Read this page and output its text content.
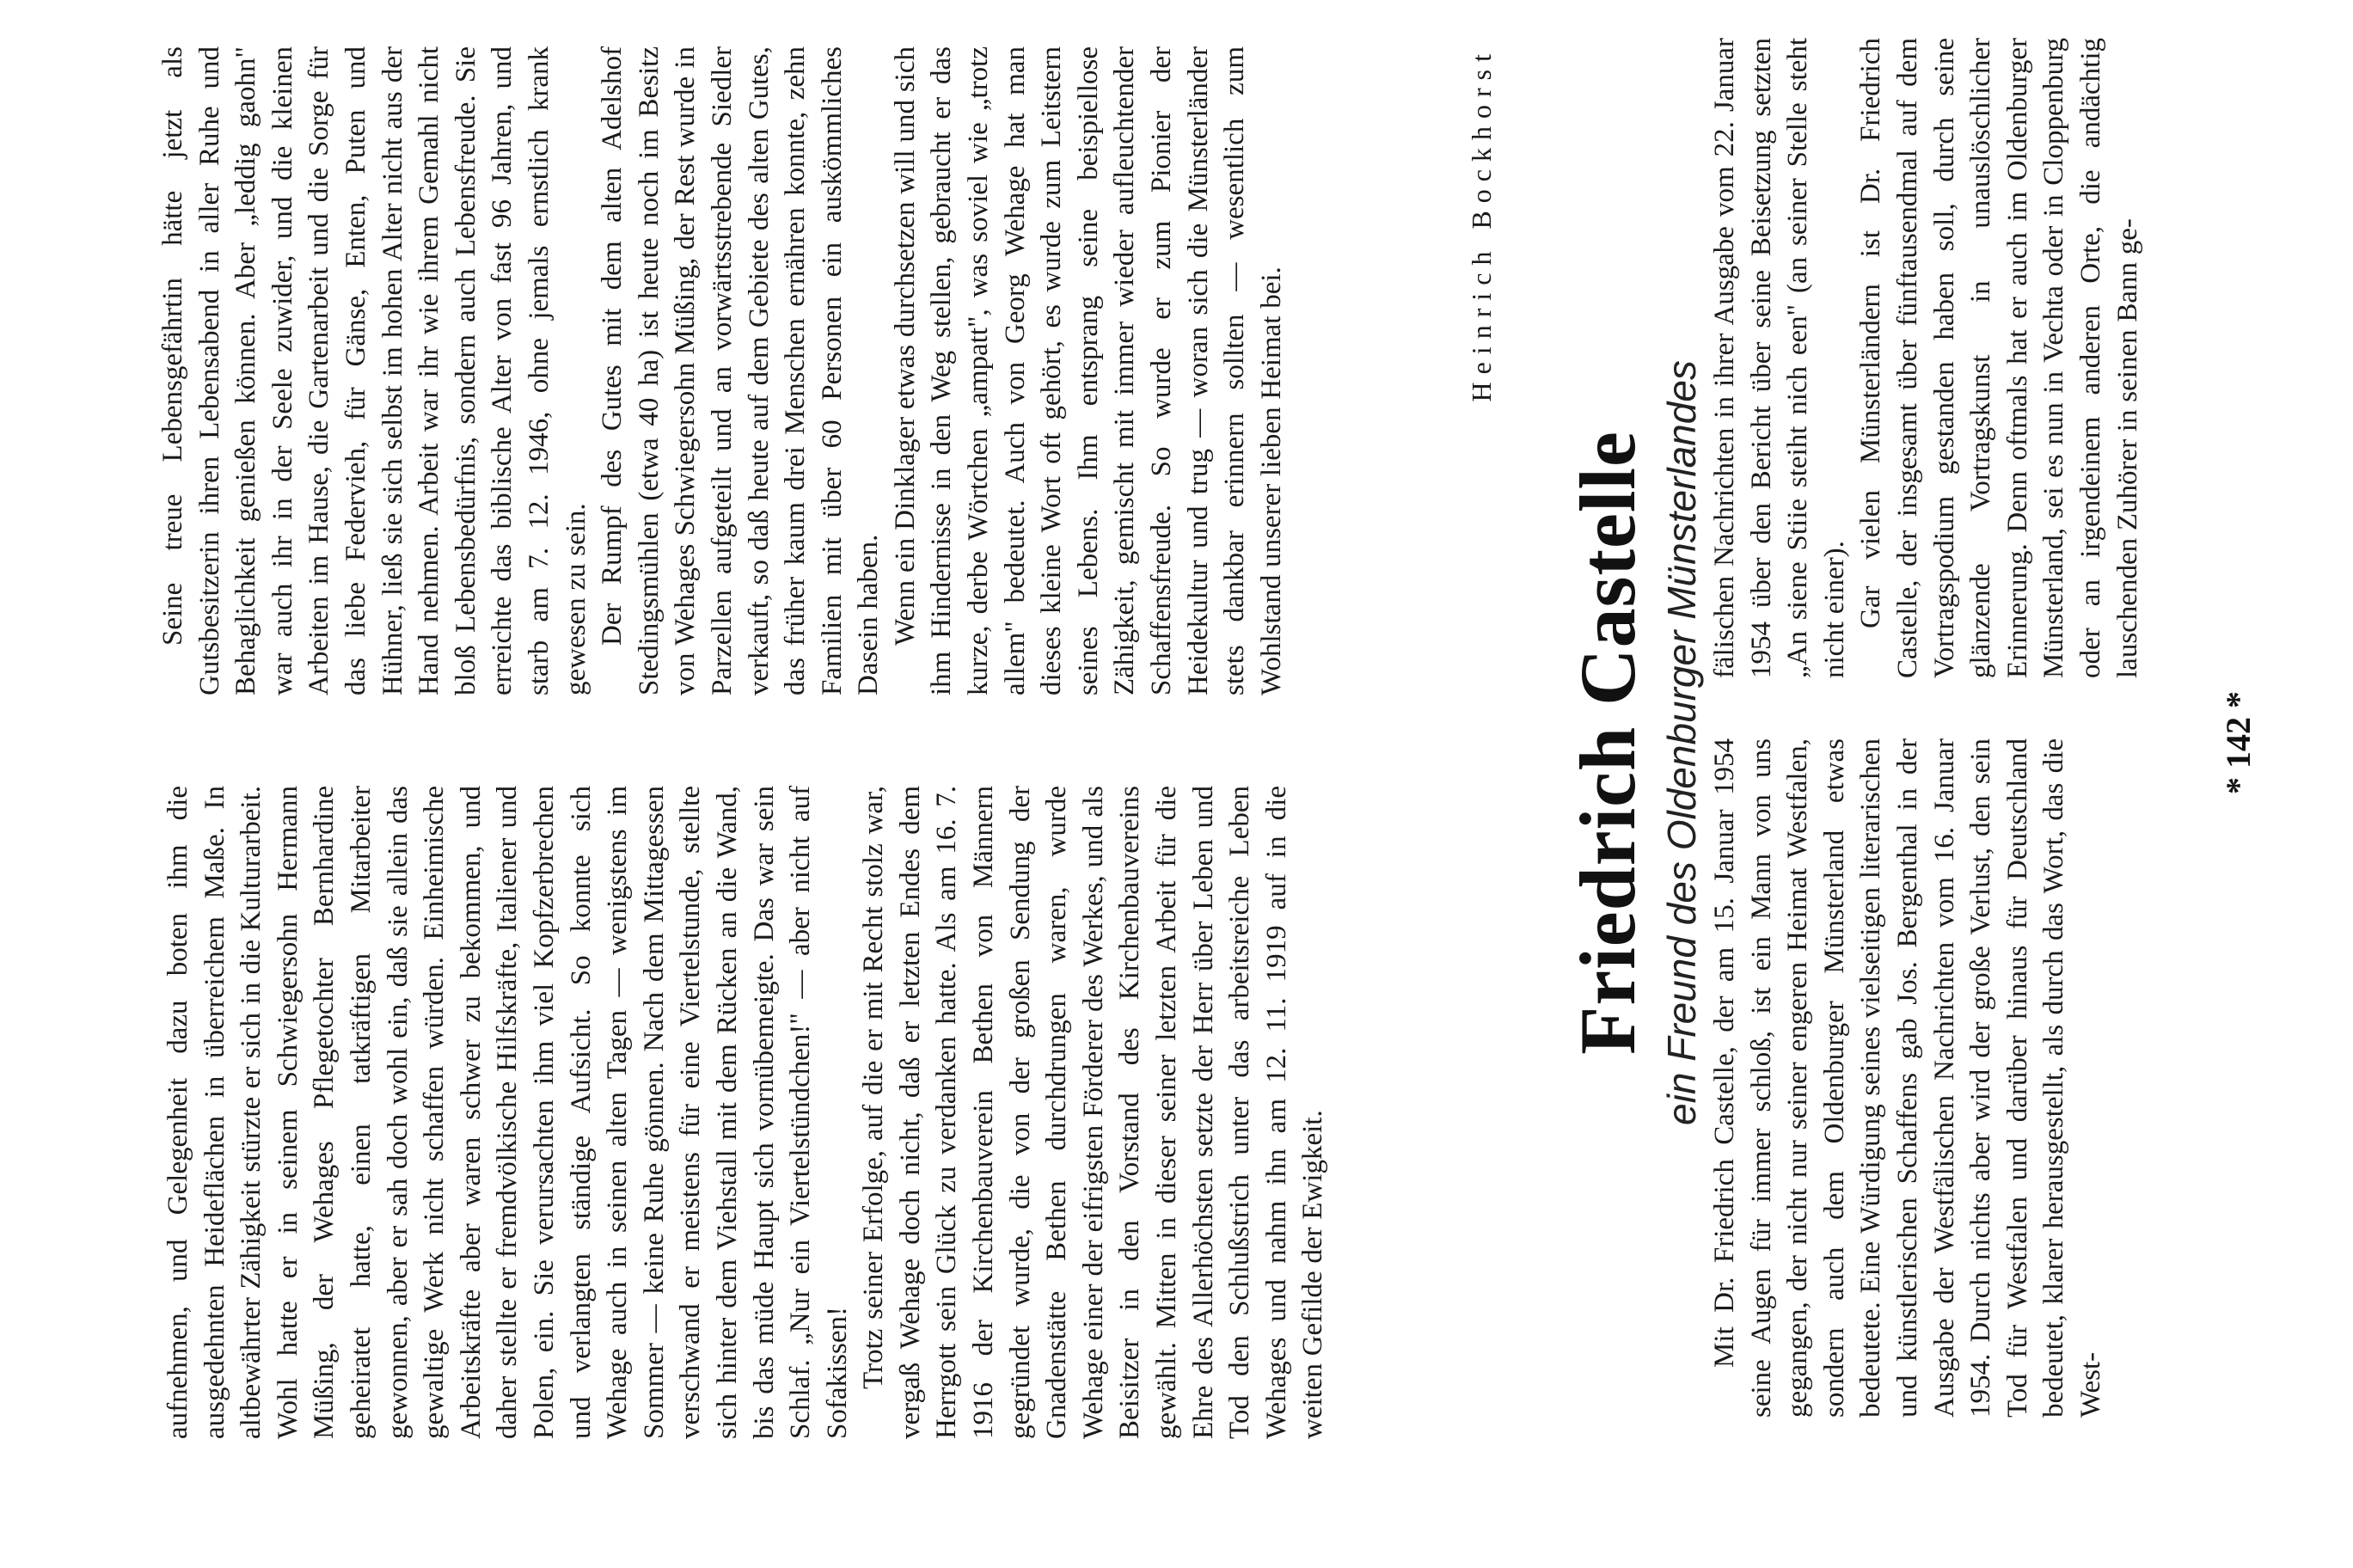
aufnehmen, und Gelegenheit dazu boten ihm die ausgedehnten Heideflächen in überreichem Maße. In altbewährter Zähigkeit stürzte er sich in die Kulturarbeit. Wohl hatte er in seinem Schwiegersohn Hermann Müßing, der Wehages Pflegetochter Bernhardine geheiratet hatte, einen tatkräftigen Mitarbeiter gewonnen, aber er sah doch wohl ein, daß sie allein das gewaltige Werk nicht schaffen würden. Einheimische Arbeitskräfte aber waren schwer zu bekommen, und daher stellte er fremdvölkische Hilfskräfte, Italiener und Polen, ein. Sie verursachten ihm viel Kopfzerbrechen und verlangten ständige Aufsicht. So konnte sich Wehage auch in seinen alten Tagen — wenigstens im Sommer — keine Ruhe gönnen. Nach dem Mittagessen verschwand er meistens für eine Viertelstunde, stellte sich hinter dem Viehstall mit dem Rücken an die Wand, bis das müde Haupt sich vornübemeigte. Das war sein Schlaf. „Nur ein Viertelstündchen!" — aber nicht auf Sofakissen! Trotz seiner Erfolge, auf die er mit Recht stolz war, vergaß Wehage doch nicht, daß er letzten Endes dem Herrgott sein Glück zu verdanken hatte. Als am 16. 7. 1916 der Kirchenbauverein Bethen von Männern gegründet wurde, die von der großen Sendung der Gnadenstätte Bethen durchdrungen waren, wurde Wehage einer der eifrigsten Förderer des Werkes, und als Beisitzer in den Vorstand des Kirchenbauvereins gewählt. Mitten in dieser seiner letzten Arbeit für die Ehre des Allerhöchsten setzte der Herr über Leben und Tod den Schlußstrich unter das arbeitsreiche Leben Wehages und nahm ihn am 12. 11. 1919 auf in die weiten Gefilde der Ewigkeit.

Seine treue Lebensgefährtin hätte jetzt als Gutsbesitzerin ihren Lebensabend in aller Ruhe und Behaglichkeit genießen können. Aber „leddig gaohn" war auch ihr in der Seele zuwider, und die kleinen Arbeiten im Hause, die Gartenarbeit und die Sorge für das liebe Federvieh, für Gänse, Enten, Puten und Hühner, ließ sie sich selbst im hohen Alter nicht aus der Hand nehmen. Arbeit war ihr wie ihrem Gemahl nicht bloß Lebensbedürfnis, sondern auch Lebensfreude. Sie erreichte das biblische Alter von fast 96 Jahren, und starb am 7. 12. 1946, ohne jemals ernstlich krank gewesen zu sein. Der Rumpf des Gutes mit dem alten Adelshof Stedingsmühlen (etwa 40 ha) ist heute noch im Besitz von Wehages Schwiegersohn Müßing, der Rest wurde in Parzellen aufgeteilt und an vorwärtsstrebende Siedler verkauft, so daß heute auf dem Gebiete des alten Gutes, das früher kaum drei Menschen ernähren konnte, zehn Familien mit über 60 Personen ein auskömmliches Dasein haben. Wenn ein Dinklager etwas durchsetzen will und sich ihm Hindernisse in den Weg stellen, gebraucht er das kurze, derbe Wörtchen „ampatt", was soviel wie „trotz allem" bedeutet. Auch von Georg Wehage hat man dieses kleine Wort oft gehört, es wurde zum Leitstern seines Lebens. Ihm entsprang seine beispiellose Zähigkeit, gemischt mit immer wieder aufleuchtender Schaffensfreude. So wurde er zum Pionier der Heidekultur und trug — woran sich die Münsterländer stets dankbar erinnern sollten — wesentlich zum Wohlstand unserer lieben Heimat bei.

Heinrich Bockhorst
Friedrich Castelle ein Freund des Oldenburger Münsterlandes Mit Dr. Friedrich Castelle, der am 15. Januar 1954 seine Augen für immer schloß, ist ein Mann von uns gegangen, der nicht nur seiner engeren Heimat Westfalen, sondern auch dem Oldenburger Münsterland etwas bedeutete. Eine Würdigung seines vielseitigen literarischen und künstlerischen Schaffens gab Jos. Bergenthal in der Ausgabe der Westfälischen Nachrichten vom 16. Januar 1954. Durch nichts aber wird der große Verlust, den sein Tod für Westfalen und darüber hinaus für Deutschland bedeutet, klarer herausgestellt, als durch das Wort, das die West-

fälischen Nachrichten in ihrer Ausgabe vom 22. Januar 1954 über den Bericht über seine Beisetzung setzten „An siene Stiie steiht nich een" (an seiner Stelle steht nicht einer). Gar vielen Münsterländern ist Dr. Friedrich Castelle, der insgesamt über fünftausendmal auf dem Vortragspodium gestanden haben soll, durch seine glänzende Vortragskunst in unauslöschlicher Erinnerung. Denn oftmals hat er auch im Oldenburger Münsterland, sei es nun in Vechta oder in Cloppenburg oder an irgendeinem anderen Orte, die andächtig lauschenden Zuhörer in seinen Bann ge-

* 142 *
